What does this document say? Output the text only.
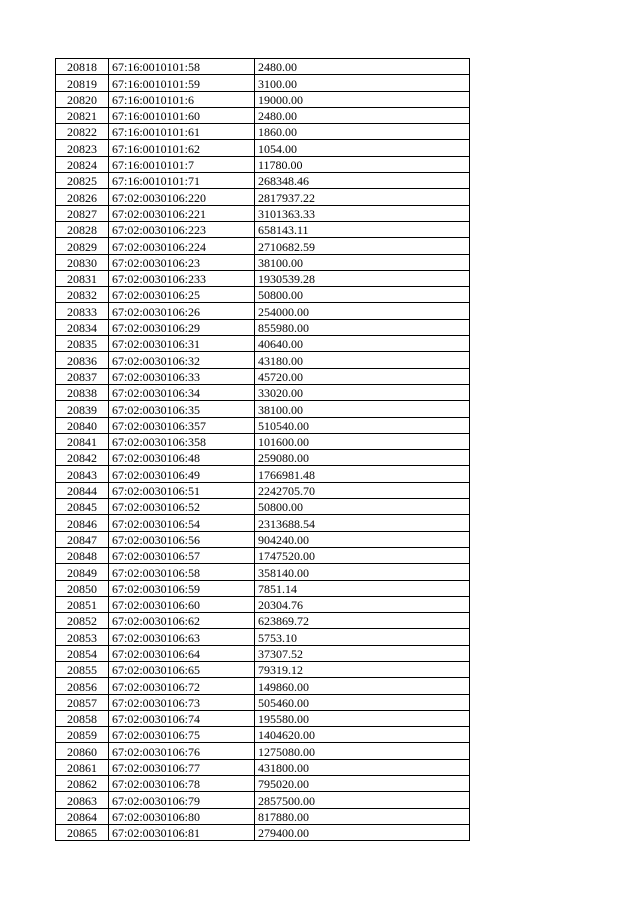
20818	67:16:0010101:58	2480.00
20819	67:16:0010101:59	3100.00
20820	67:16:0010101:6	19000.00
20821	67:16:0010101:60	2480.00
20822	67:16:0010101:61	1860.00
20823	67:16:0010101:62	1054.00
20824	67:16:0010101:7	11780.00
20825	67:16:0010101:71	268348.46
20826	67:02:0030106:220	2817937.22
20827	67:02:0030106:221	3101363.33
20828	67:02:0030106:223	658143.11
20829	67:02:0030106:224	2710682.59
20830	67:02:0030106:23	38100.00
20831	67:02:0030106:233	1930539.28
20832	67:02:0030106:25	50800.00
20833	67:02:0030106:26	254000.00
20834	67:02:0030106:29	855980.00
20835	67:02:0030106:31	40640.00
20836	67:02:0030106:32	43180.00
20837	67:02:0030106:33	45720.00
20838	67:02:0030106:34	33020.00
20839	67:02:0030106:35	38100.00
20840	67:02:0030106:357	510540.00
20841	67:02:0030106:358	101600.00
20842	67:02:0030106:48	259080.00
20843	67:02:0030106:49	1766981.48
20844	67:02:0030106:51	2242705.70
20845	67:02:0030106:52	50800.00
20846	67:02:0030106:54	2313688.54
20847	67:02:0030106:56	904240.00
20848	67:02:0030106:57	1747520.00
20849	67:02:0030106:58	358140.00
20850	67:02:0030106:59	7851.14
20851	67:02:0030106:60	20304.76
20852	67:02:0030106:62	623869.72
20853	67:02:0030106:63	5753.10
20854	67:02:0030106:64	37307.52
20855	67:02:0030106:65	79319.12
20856	67:02:0030106:72	149860.00
20857	67:02:0030106:73	505460.00
20858	67:02:0030106:74	195580.00
20859	67:02:0030106:75	1404620.00
20860	67:02:0030106:76	1275080.00
20861	67:02:0030106:77	431800.00
20862	67:02:0030106:78	795020.00
20863	67:02:0030106:79	2857500.00
20864	67:02:0030106:80	817880.00
20865	67:02:0030106:81	279400.00
